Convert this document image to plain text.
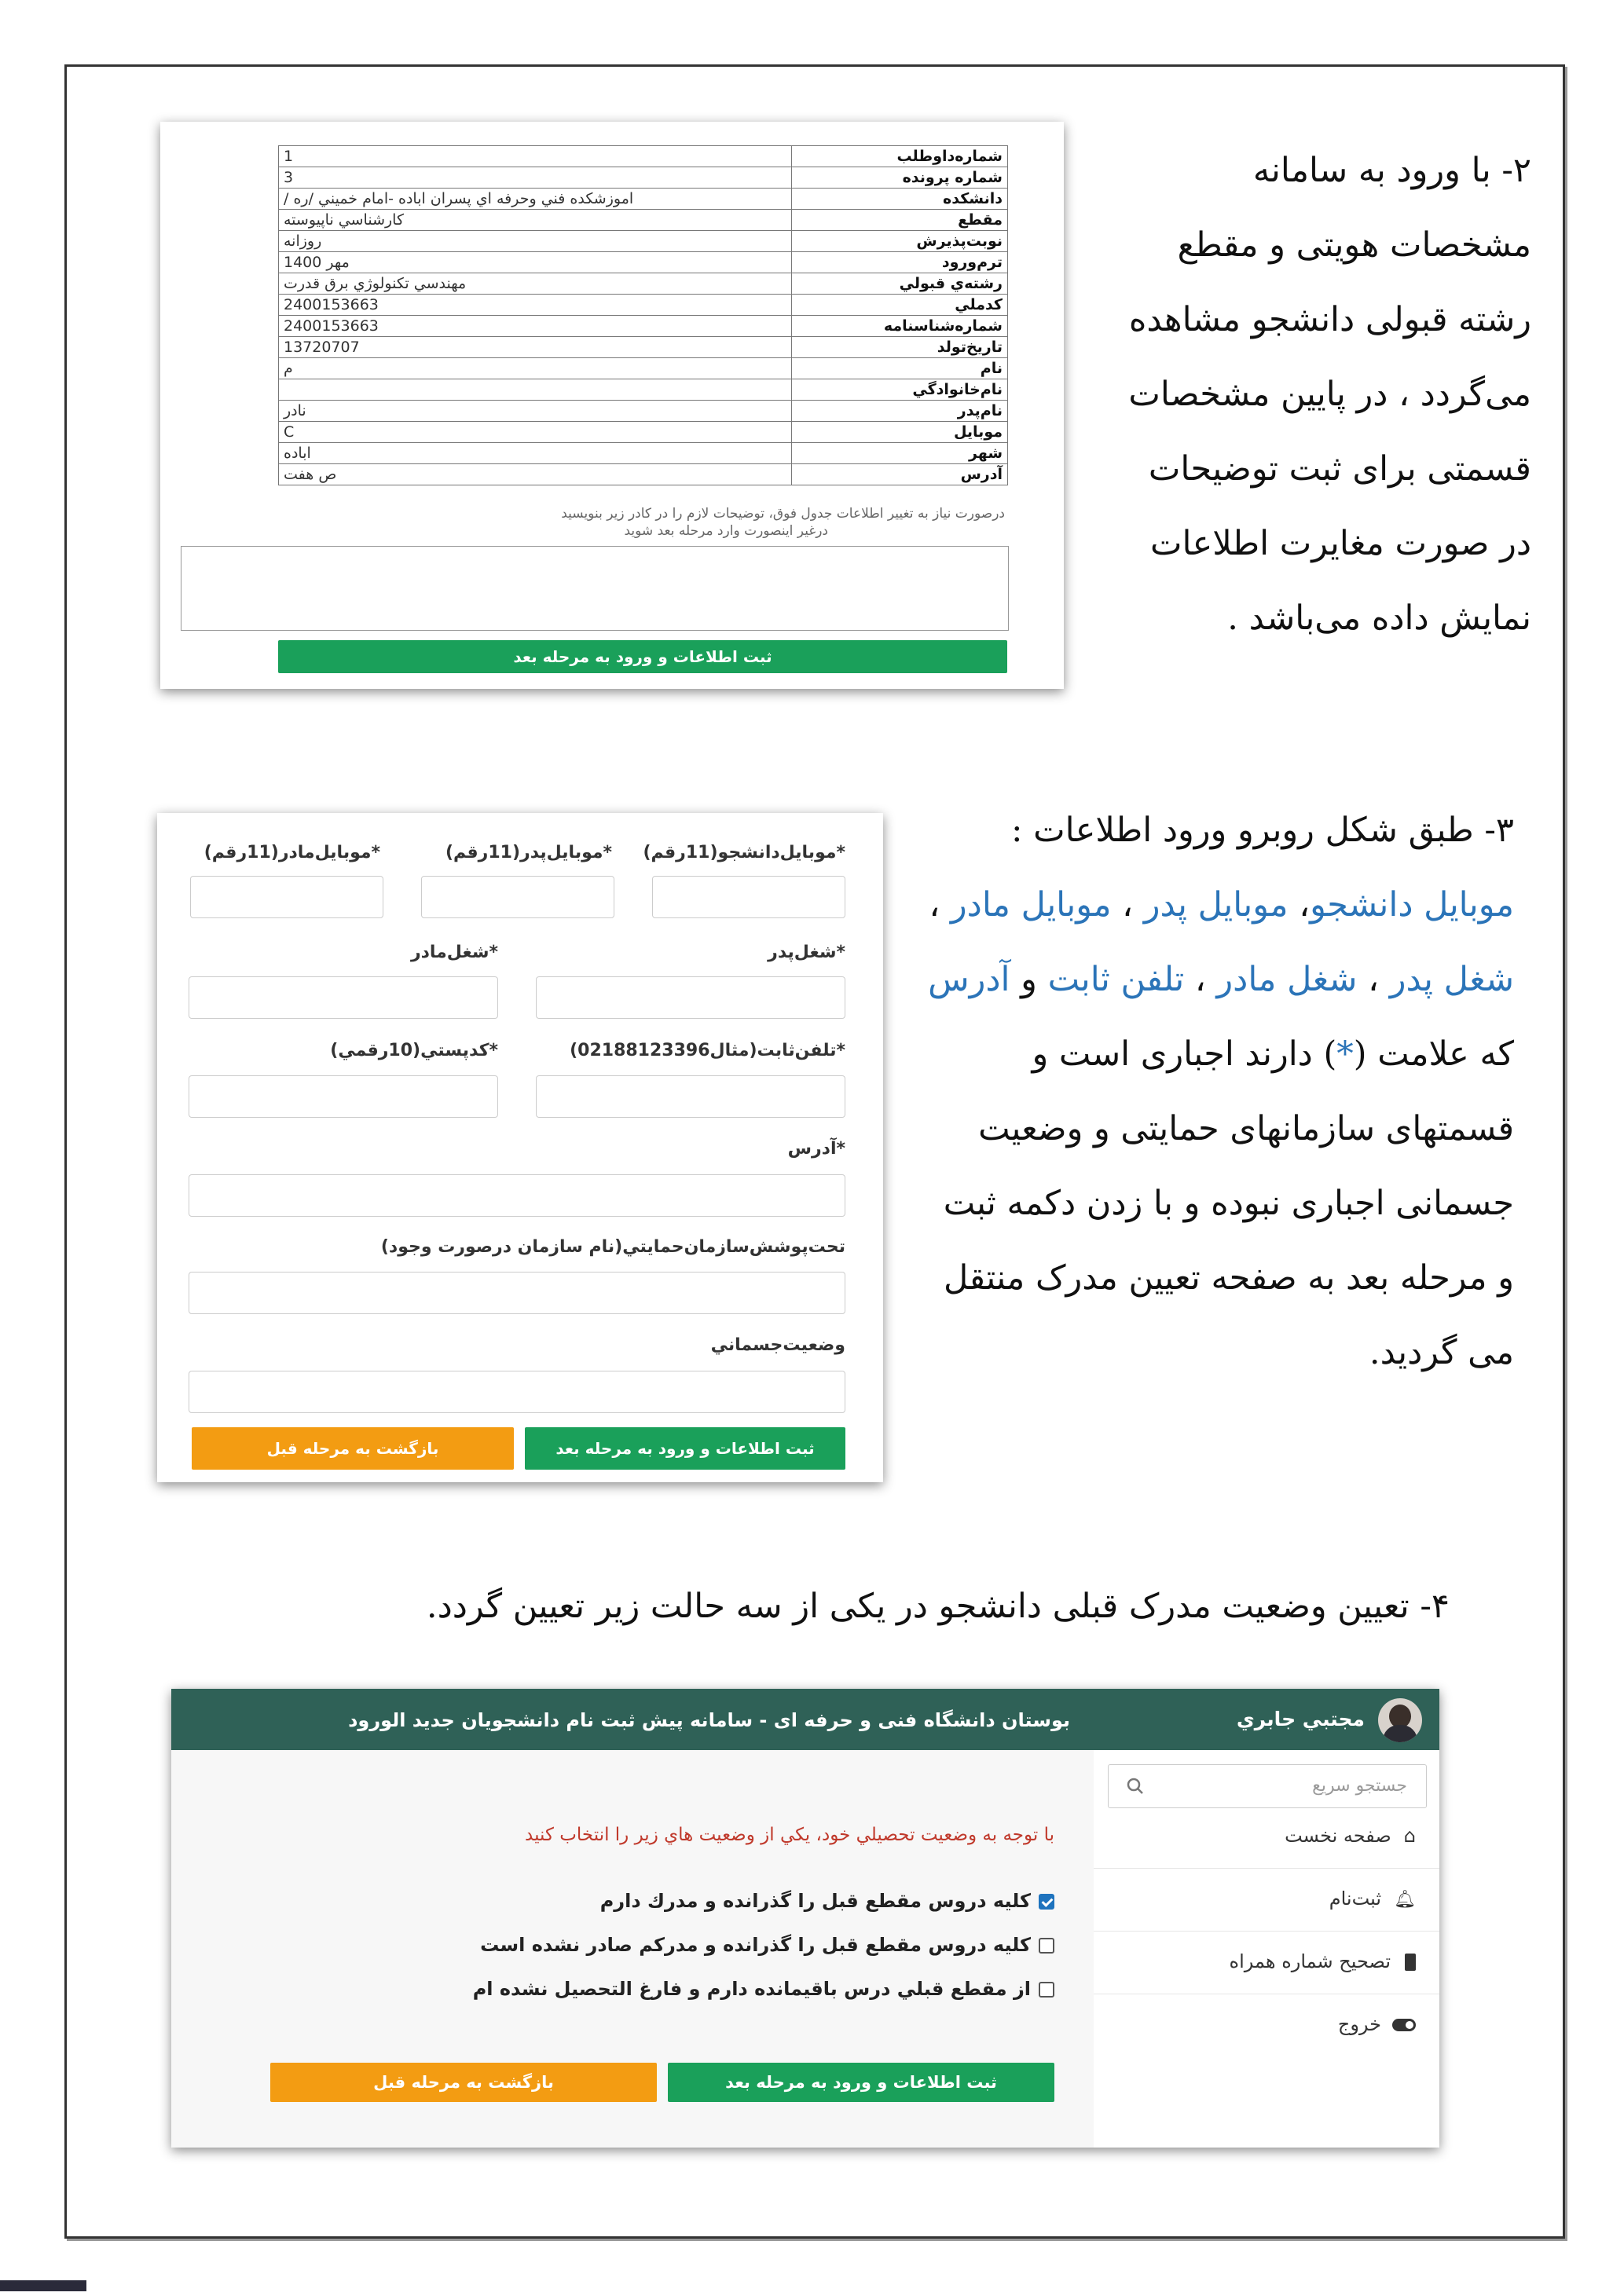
۲- با ورود به سامانه
مشخصات هویتی و مقطع
رشته قبولی دانشجو مشاهده
می‌گردد ، در پایین مشخصات
قسمتی برای ثبت توضیحات
در صورت مغایرت اطلاعات
نمایش داده می‌باشد .
شماره‌داوطلب	1
شماره پرونده	3
دانشکده	اموزشکده فني وحرفه اي پسران اباده -امام خميني /ره /
مقطع	كارشناسي ناپيوسته
نوبت‌پذيرش	روزانه
ترم‌ورود	مهر 1400
رشته‌ي قبولي	مهندسي تكنولوژي برق قدرت
كدملي	2400153663
شماره‌شناسنامه	2400153663
تاريخ‌تولد	13720707
نام	م
نام‌خانوادگي	
نام‌پدر	نادر
موبايل	C
شهر	اباده
آدرس	ص هفت
درصورت نیاز به تغییر اطلاعات جدول فوق، توضیحات لازم را در کادر زیر بنویسید
درغیر اینصورت وارد مرحله بعد شوید
ثبت اطلاعات و ورود به مرحله بعد
۳- طبق شکل روبرو ورود اطلاعات :
موبایل دانشجو، موبایل پدر ، موبایل مادر ،
شغل پدر ، شغل مادر ، تلفن ثابت و آدرس
که علامت (*) دارند اجباری است و
قسمتهای سازمانهای حمایتی و وضعیت
جسمانی اجباری نبوده و با زدن دکمه ثبت
و مرحله بعد به صفحه تعیین مدرک منتقل
می گردید.
*موبايل‌دانشجو(11رقم)
*موبايل‌پدر(11رقم)
*موبايل‌مادر(11رقم)
*شغل‌پدر
*شغل‌مادر
*تلفن‌ثابت(مثال02188123396)
*كدپستي(10رقمي)
*آدرس
تحت‌پوشش‌سازمان‌حمايتي(نام سازمان درصورت وجود)
وضعيت‌جسماني
ثبت اطلاعات و ورود به مرحله بعد
بازگشت به مرحله قبل
۴- تعیین وضعیت مدرک قبلی دانشجو در یکی از سه حالت زیر تعیین گردد.
مجتبي جابري
بوستان دانشگاه فنی و حرفه ای - سامانه پیش ثبت نام دانشجویان جدید الورود
جستجو سريع
⌂صفحه نخست
🔔︎ثبت‌نام
تصحيح شماره همراه
خروج
با توجه به وضعيت تحصيلي خود، يكي از وضعيت هاي زير را انتخاب كنيد
كليه دروس مقطع قبل را گذرانده و مدرك دارم
كليه دروس مقطع قبل را گذرانده و مدركم صادر نشده است
از مقطع قبلي درس باقيمانده دارم و فارغ التحصيل نشده ام
ثبت اطلاعات و ورود به مرحله بعد
بازگشت به مرحله قبل
